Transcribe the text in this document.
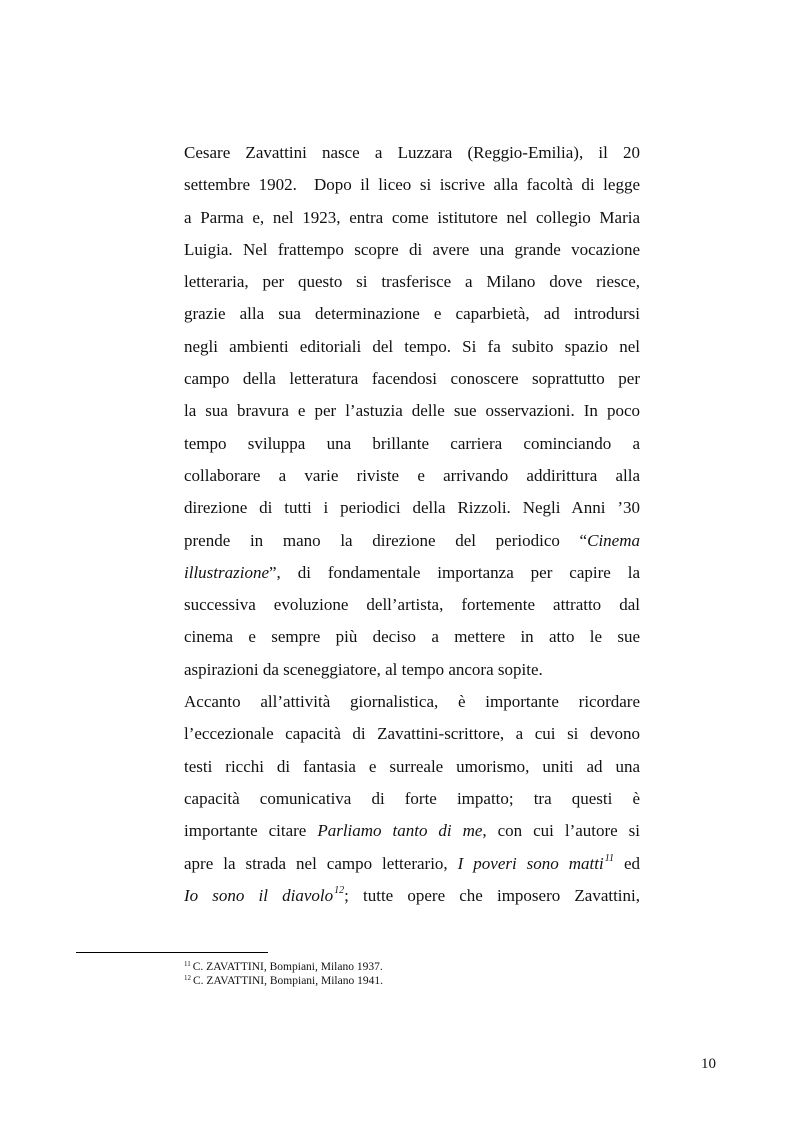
Cesare Zavattini nasce a Luzzara (Reggio-Emilia), il 20
settembre 1902.  Dopo il liceo si iscrive alla facoltà di legge
a Parma e, nel 1923, entra come istitutore nel collegio Maria
Luigia. Nel frattempo scopre di avere una grande vocazione
letteraria, per questo si trasferisce a Milano dove riesce,
grazie alla sua determinazione e caparbietà, ad introdursi
negli ambienti editoriali del tempo. Si fa subito spazio nel
campo della letteratura facendosi conoscere soprattutto per
la sua bravura e per l’astuzia delle sue osservazioni. In poco
tempo sviluppa una brillante carriera cominciando a
collaborare a varie riviste e arrivando addirittura alla
direzione di tutti i periodici della Rizzoli. Negli Anni ’30
prende in mano la direzione del periodico “Cinema
illustrazione”, di fondamentale importanza per capire la
successiva evoluzione dell’artista, fortemente attratto dal
cinema e sempre più deciso a mettere in atto le sue
aspirazioni da sceneggiatore, al tempo ancora sopite.
Accanto all’attività giornalistica, è importante ricordare
l’eccezionale capacità di Zavattini-scrittore, a cui si devono
testi ricchi di fantasia e surreale umorismo, uniti ad una
capacità comunicativa di forte impatto; tra questi è
importante citare Parliamo tanto di me, con cui l’autore si
apre la strada nel campo letterario, I poveri sono matti$^{11}$ ed
Io sono il diavolo$^{12}$; tutte opere che imposero Zavattini,
$^{11}$ C. ZAVATTINI, Bompiani, Milano 1937.
$^{12}$ C. ZAVATTINI, Bompiani, Milano 1941.
10
